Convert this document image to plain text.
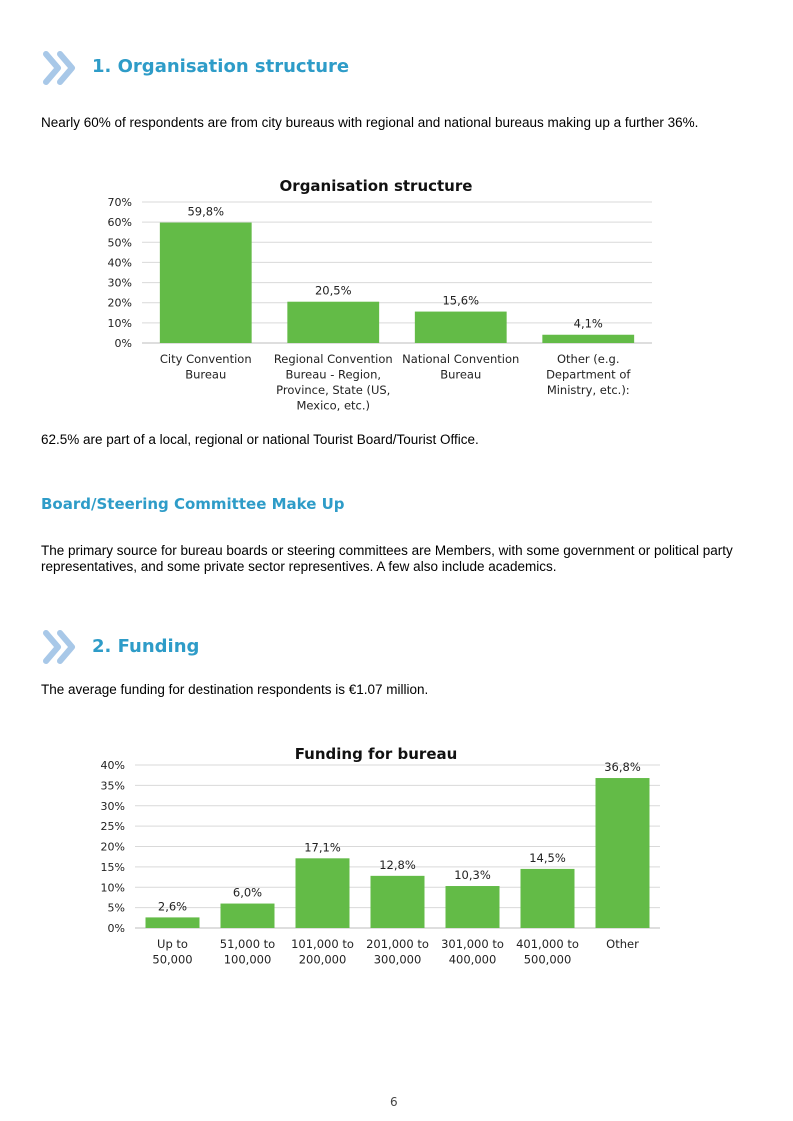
1. Organisation structure
Nearly 60% of respondents are from city bureaus with regional and national bureaus making up a further 36%.
Organisation structure
0%
10%
20%
30%
40%
50%
60%
70%
59,8%
City Convention
Bureau
20,5%
Regional Convention
Bureau - Region,
Province, State (US,
Mexico, etc.)
15,6%
National Convention
Bureau
4,1%
Other (e.g.
Department of
Ministry, etc.):
62.5% are part of a local, regional or national Tourist Board/Tourist Office.
Board/Steering Committee Make Up
The primary source for bureau boards or steering committees are Members, with some government or political party representatives, and some private sector representives. A few also include academics.
2. Funding
The average funding for destination respondents is €1.07 million.
Funding for bureau
0%
5%
10%
15%
20%
25%
30%
35%
40%
2,6%
Up to
50,000
6,0%
51,000 to
100,000
17,1%
101,000 to
200,000
12,8%
201,000 to
300,000
10,3%
301,000 to
400,000
14,5%
401,000 to
500,000
36,8%
Other
6
